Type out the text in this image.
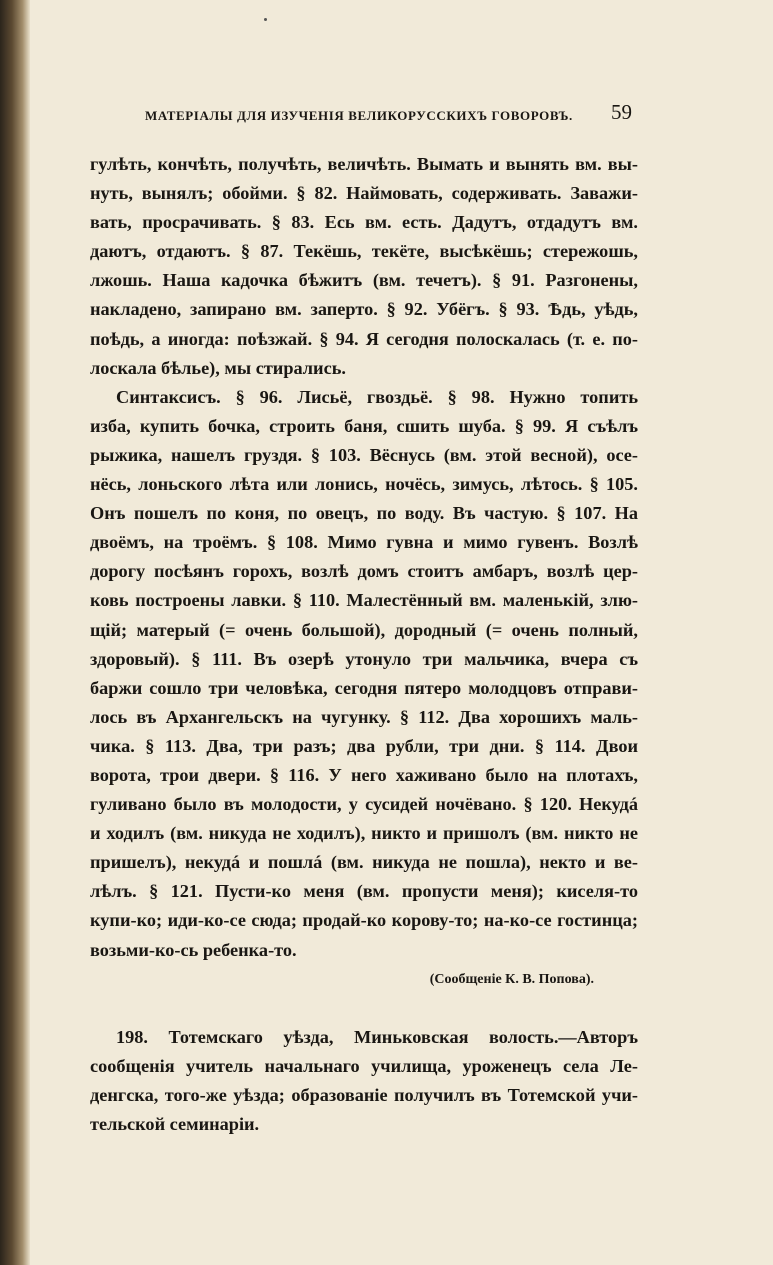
МАТЕРІАЛЫ ДЛЯ ИЗУЧЕНІЯ ВЕЛИКОРУССКИХЪ ГОВОРОВЪ. 59
гулѣть, кончѣть, получѣть, величѣть. Вымать и вынять вм. вы-
нуть, вынялъ; обойми. § 82. Наймовать, содерживать. Заважи-
вать, просрачивать. § 83. Есь вм. есть. Дадутъ, отдадутъ вм.
даютъ, отдаютъ. § 87. Текёшь, текёте, высѣкёшь; стережошь,
лжошь. Наша кадочка бѣжитъ (вм. течетъ). § 91. Разгонены,
накладено, запирано вм. заперто. § 92. Убёгъ. § 93. Ѣдь, уѣдь,
поѣдь, а иногда: поѣзжай. § 94. Я сегодня полоскалась (т. е. по-
лоскала бѣлье), мы стирались.
Синтаксисъ. § 96. Лисьё, гвоздьё. § 98. Нужно топить
изба, купить бочка, строить баня, сшить шуба. § 99. Я съѣлъ
рыжика, нашелъ груздя. § 103. Вёснусь (вм. этой весной), осе-
нёсь, лоньского лѣта или лонись, ночёсь, зимусь, лѣтось. § 105.
Онъ пошелъ по коня, по овецъ, по воду. Въ частую. § 107. На
двоёмъ, на троёмъ. § 108. Мимо гувна и мимо гувенъ. Возлѣ
дорогу посѣянъ горохъ, возлѣ домъ стоитъ амбаръ, возлѣ цер-
ковь построены лавки. § 110. Малестённый вм. маленькій, злю-
щій; матерый (= очень большой), дородный (= очень полный,
здоровый). § 111. Въ озерѣ утонуло три мальчика, вчера съ
баржи сошло три человѣка, сегодня пятеро молодцовъ отправи-
лось въ Архангельскъ на чугунку. § 112. Два хорошихъ маль-
чика. § 113. Два, три разъ; два рубли, три дни. § 114. Двои
ворота, трои двери. § 116. У него хаживано было на плотахъ,
гуливано было въ молодости, у сусидей ночёвано. § 120. Некудá
и ходилъ (вм. никуда не ходилъ), никто и пришолъ (вм. никто не
пришелъ), некудá и пошлá (вм. никуда не пошла), некто и ве-
лѣлъ. § 121. Пусти-ко меня (вм. пропусти меня); киселя-то
купи-ко; иди-ко-се сюда; продай-ко корову-то; на-ко-се гостинца;
возьми-ко-сь ребенка-то.
(Сообщеніе К. В. Попова).
198. Тотемскаго уѣзда, Миньковская волость.—Авторъ
сообщенія учитель начальнаго училища, уроженецъ села Ле-
денгска, того-же уѣзда; образованіе получилъ въ Тотемской учи-
тельской семинаріи.
